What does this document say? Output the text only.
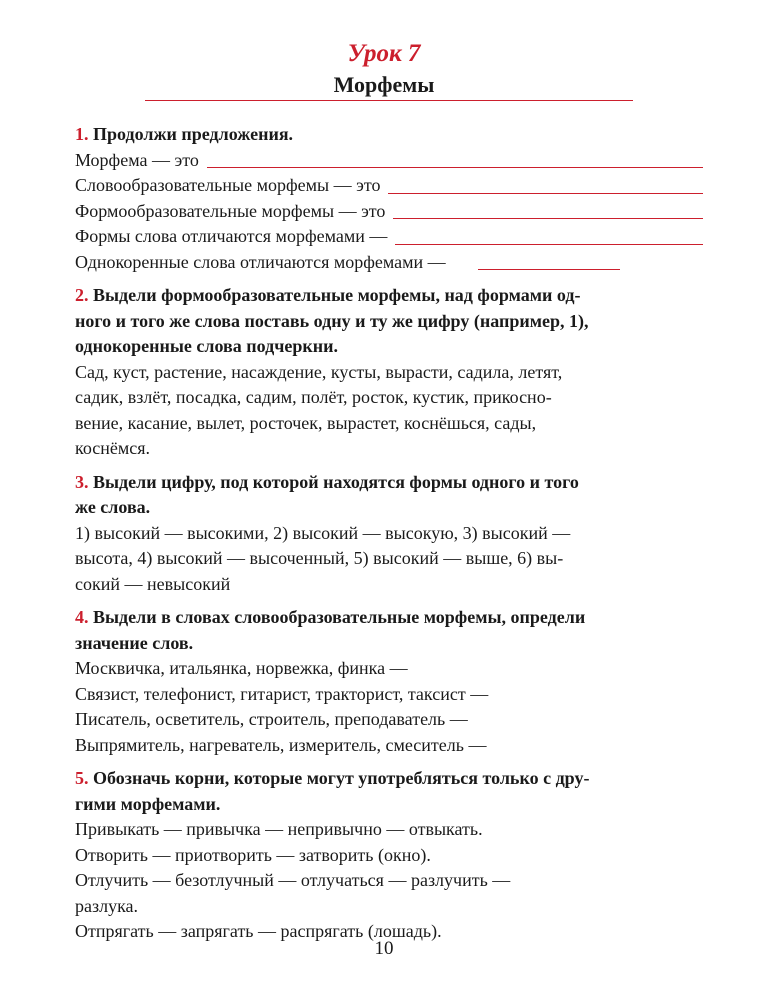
Урок 7
Морфемы
1. Продолжи предложения.
Морфема — это
Словообразовательные морфемы — это
Формообразовательные морфемы — это
Формы слова отличаются морфемами —
Однокоренные слова отличаются морфемами —
2. Выдели формообразовательные морфемы, над формами од-
ного и того же слова поставь одну и ту же цифру (например, 1),
однокоренные слова подчеркни.
Сад, куст, растение, насаждение, кусты, вырасти, садила, летят,
садик, взлёт, посадка, садим, полёт, росток, кустик, прикосно-
вение, касание, вылет, росточек, вырастет, коснёшься, сады,
коснёмся.
3. Выдели цифру, под которой находятся формы одного и того
же слова.
1) высокий — высокими, 2) высокий — высокую, 3) высокий —
высота, 4) высокий — высоченный, 5) высокий — выше, 6) вы-
сокий — невысокий
4. Выдели в словах словообразовательные морфемы, определи
значение слов.
Москвичка, итальянка, норвежка, финка —
Связист, телефонист, гитарист, тракторист, таксист —
Писатель, осветитель, строитель, преподаватель —
Выпрямитель, нагреватель, измеритель, смеситель —
5. Обозначь корни, которые могут употребляться только с дру-
гими морфемами.
Привыкать — привычка — непривычно — отвыкать.
Отворить — приотворить — затворить (окно).
Отлучить — безотлучный — отлучаться — разлучить —
разлука.
Отпрягать — запрягать — распрягать (лошадь).
10
